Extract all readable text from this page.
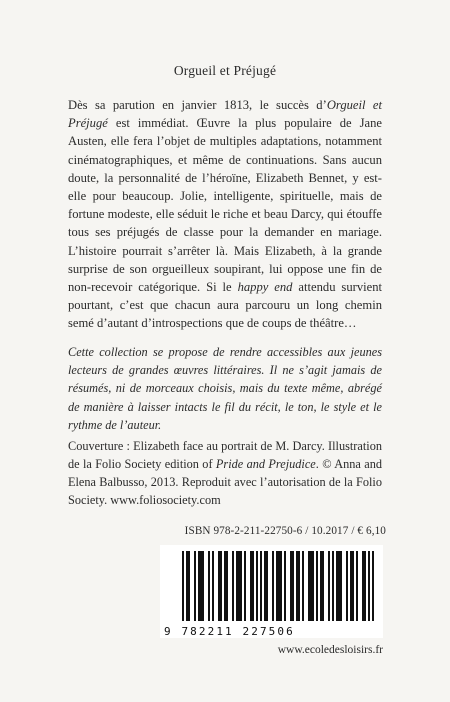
Orgueil et Préjugé
Dès sa parution en janvier 1813, le succès d’Orgueil et Préjugé est immédiat. Œuvre la plus populaire de Jane Austen, elle fera l’objet de multiples adaptations, notamment cinématographiques, et même de continuations. Sans aucun doute, la personnalité de l’héroïne, Elizabeth Bennet, y est-elle pour beaucoup. Jolie, intelligente, spirituelle, mais de fortune modeste, elle séduit le riche et beau Darcy, qui étouffe tous ses préjugés de classe pour la demander en mariage. L’histoire pourrait s’arrêter là. Mais Elizabeth, à la grande surprise de son orgueilleux soupirant, lui oppose une fin de non-recevoir catégorique. Si le happy end attendu survient pourtant, c’est que chacun aura parcouru un long chemin semé d’autant d’introspections que de coups de théâtre…
Cette collection se propose de rendre accessibles aux jeunes lecteurs de grandes œuvres littéraires. Il ne s’agit jamais de résumés, ni de morceaux choisis, mais du texte même, abrégé de manière à laisser intacts le fil du récit, le ton, le style et le rythme de l’auteur.
Couverture : Elizabeth face au portrait de M. Darcy. Illustration de la Folio Society edition of Pride and Prejudice. © Anna and Elena Balbusso, 2013. Reproduit avec l’autorisation de la Folio Society. www.foliosociety.com
ISBN 978-2-211-22750-6 / 10.2017 / € 6,10
9 782211 227506
www.ecoledesloisirs.fr
